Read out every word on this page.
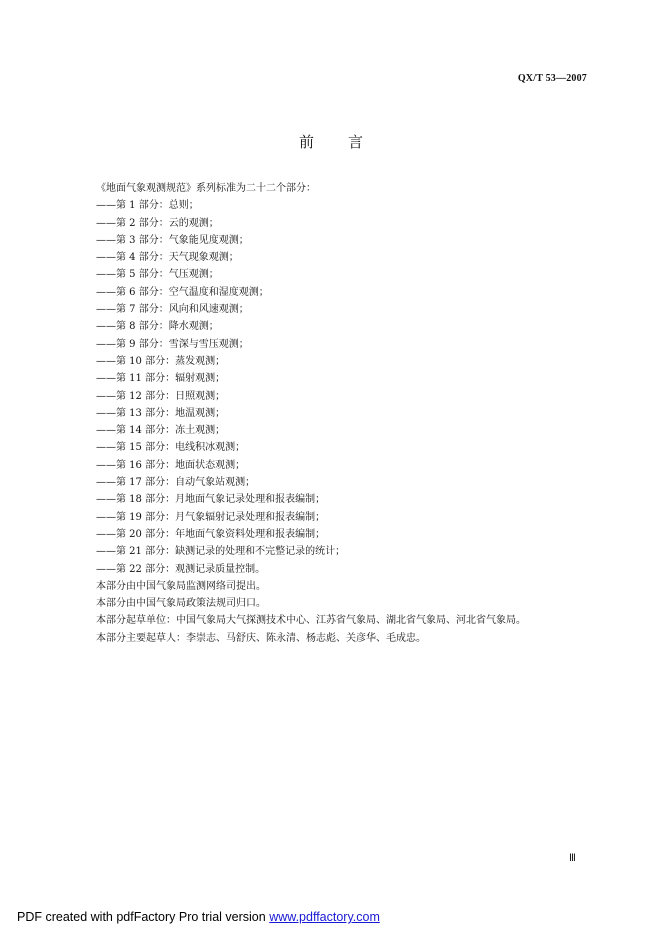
QX/T 53—2007
前言
《地面气象观测规范》系列标准为二十二个部分：
——第 1 部分：总则；
——第 2 部分：云的观测；
——第 3 部分：气象能见度观测；
——第 4 部分：天气现象观测；
——第 5 部分：气压观测；
——第 6 部分：空气温度和湿度观测；
——第 7 部分：风向和风速观测；
——第 8 部分：降水观测；
——第 9 部分：雪深与雪压观测；
——第 10 部分：蒸发观测；
——第 11 部分：辐射观测；
——第 12 部分：日照观测；
——第 13 部分：地温观测；
——第 14 部分：冻土观测；
——第 15 部分：电线积冰观测；
——第 16 部分：地面状态观测；
——第 17 部分：自动气象站观测；
——第 18 部分：月地面气象记录处理和报表编制；
——第 19 部分：月气象辐射记录处理和报表编制；
——第 20 部分：年地面气象资料处理和报表编制；
——第 21 部分：缺测记录的处理和不完整记录的统计；
——第 22 部分：观测记录质量控制。
本部分由中国气象局监测网络司提出。
本部分由中国气象局政策法规司归口。
本部分起草单位：中国气象局大气探测技术中心、江苏省气象局、湖北省气象局、河北省气象局。
本部分主要起草人：李崇志、马舒庆、陈永清、杨志彪、关彦华、毛成忠。
Ⅲ
PDF created with pdfFactory Pro trial version www.pdffactory.com
